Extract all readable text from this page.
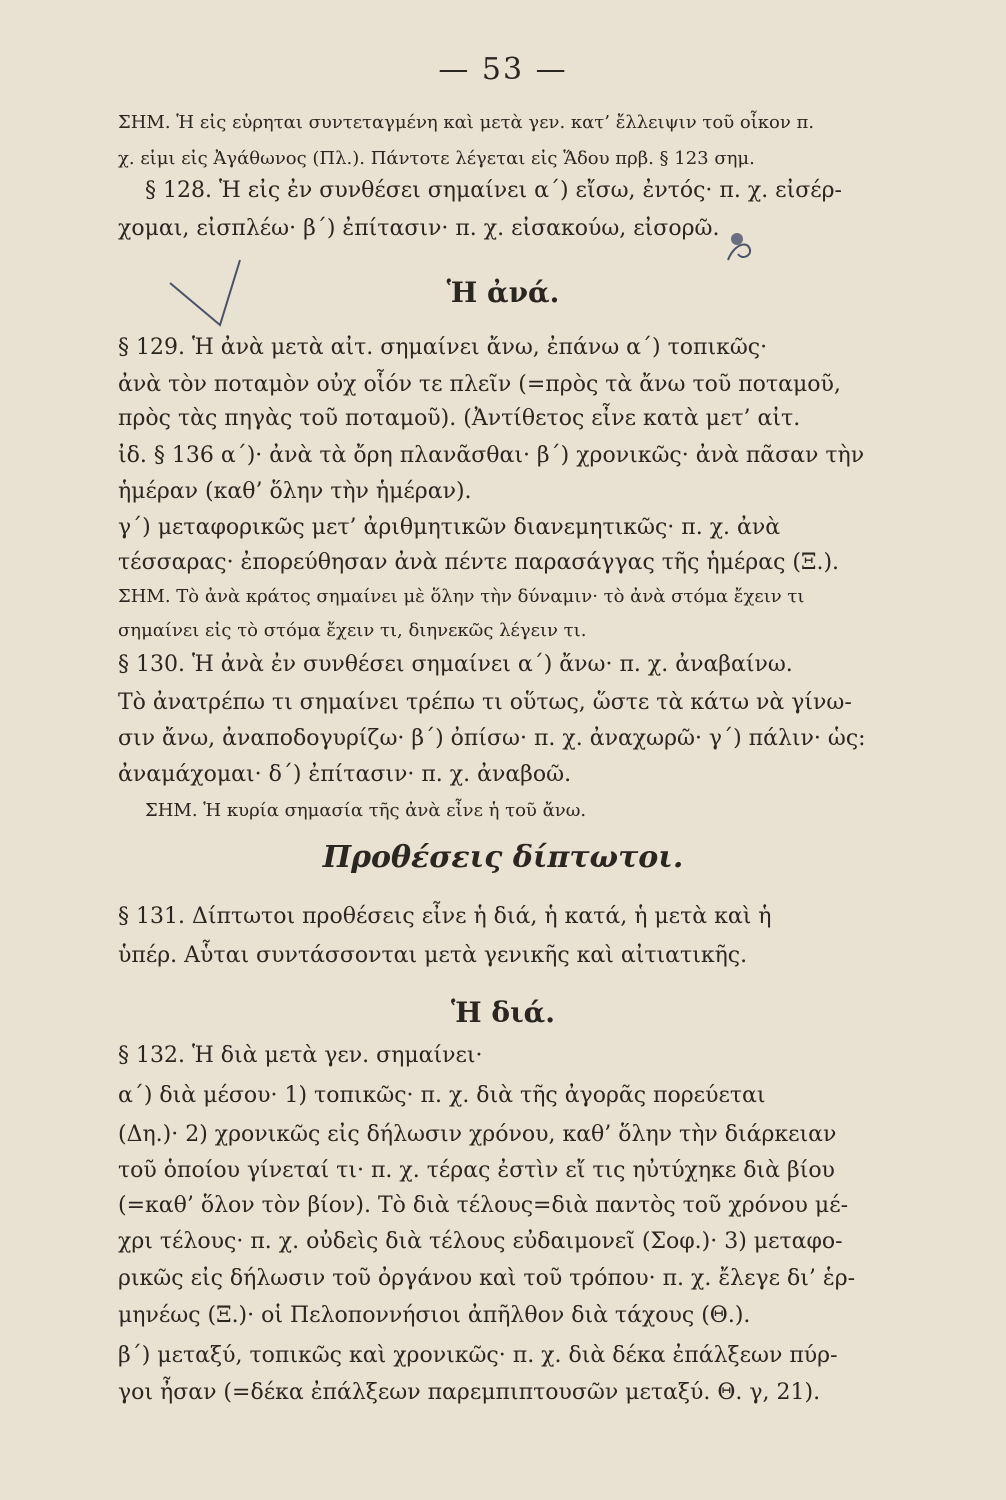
— 53 —
ΣΗΜ. Ἡ εἰς εὑρηται συντεταγμένη καὶ μετὰ γεν. κατ’ ἔλλειψιν τοῦ οἶκον π.
χ. εἰμι εἰς Ἀγάθωνος (Πλ.). Πάντοτε λέγεται εἰς Ἅδου πρβ. § 123 σημ.
§ 128. Ἡ εἰς ἐν συνθέσει σημαίνει α΄) εἴσω, ἐντός· π. χ. εἰσέρ-
χομαι, εἰσπλέω· β΄) ἐπίτασιν· π. χ. εἰσακούω, εἰσορῶ.
Ἡ ἀνά.
§ 129. Ἡ ἀνὰ μετὰ αἰτ. σημαίνει ἄνω, ἐπάνω α΄) τοπικῶς·
ἀνὰ τὸν ποταμὸν οὐχ οἷόν τε πλεῖν (=πρὸς τὰ ἄνω τοῦ ποταμοῦ,
πρὸς τὰς πηγὰς τοῦ ποταμοῦ). (Ἀντίθετος εἶνε κατὰ μετ’ αἰτ.
ἰδ. § 136 α΄)· ἀνὰ τὰ ὄρη πλανᾶσθαι· β΄) χρονικῶς· ἀνὰ πᾶσαν τὴν
ἡμέραν (καθ’ ὅλην τὴν ἡμέραν).
γ΄) μεταφορικῶς μετ’ ἀριθμητικῶν διανεμητικῶς· π. χ. ἀνὰ
τέσσαρας· ἐπορεύθησαν ἀνὰ πέντε παρασάγγας τῆς ἡμέρας (Ξ.).
ΣΗΜ. Τὸ ἀνὰ κράτος σημαίνει μὲ ὅλην τὴν δύναμιν· τὸ ἀνὰ στόμα ἔχειν τι
σημαίνει εἰς τὸ στόμα ἔχειν τι, διηνεκῶς λέγειν τι.
§ 130. Ἡ ἀνὰ ἐν συνθέσει σημαίνει α΄) ἄνω· π. χ. ἀναβαίνω.
Τὸ ἀνατρέπω τι σημαίνει τρέπω τι οὕτως, ὥστε τὰ κάτω νὰ γίνω-
σιν ἄνω, ἀναποδογυρίζω· β΄) ὀπίσω· π. χ. ἀναχωρῶ· γ΄) πάλιν· ὡς:
ἀναμάχομαι· δ΄) ἐπίτασιν· π. χ. ἀναβοῶ.
ΣΗΜ. Ἡ κυρία σημασία τῆς ἀνὰ εἶνε ἡ τοῦ ἄνω.
Προθέσεις δίπτωτοι.
§ 131. Δίπτωτοι προθέσεις εἶνε ἡ διά, ἡ κατά, ἡ μετὰ καὶ ἡ
ὑπέρ. Αὗται συντάσσονται μετὰ γενικῆς καὶ αἰτιατικῆς.
Ἡ διά.
§ 132. Ἡ διὰ μετὰ γεν. σημαίνει·
α΄) διὰ μέσου· 1) τοπικῶς· π. χ. διὰ τῆς ἀγορᾶς πορεύεται
(Δη.)· 2) χρονικῶς εἰς δήλωσιν χρόνου, καθ’ ὅλην τὴν διάρκειαν
τοῦ ὁποίου γίνεταί τι· π. χ. τέρας ἐστὶν εἴ τις ηὐτύχηκε διὰ βίου
(=καθ’ ὅλον τὸν βίον). Τὸ διὰ τέλους=διὰ παντὸς τοῦ χρόνου μέ-
χρι τέλους· π. χ. οὐδεὶς διὰ τέλους εὐδαιμονεῖ (Σοφ.)· 3) μεταφο-
ρικῶς εἰς δήλωσιν τοῦ ὀργάνου καὶ τοῦ τρόπου· π. χ. ἔλεγε δι’ ἑρ-
μηνέως (Ξ.)· οἱ Πελοποννήσιοι ἀπῆλθον διὰ τάχους (Θ.).
β΄) μεταξύ, τοπικῶς καὶ χρονικῶς· π. χ. διὰ δέκα ἐπάλξεων πύρ-
γοι ἦσαν (=δέκα ἐπάλξεων παρεμπιπτουσῶν μεταξύ. Θ. γ, 21).
